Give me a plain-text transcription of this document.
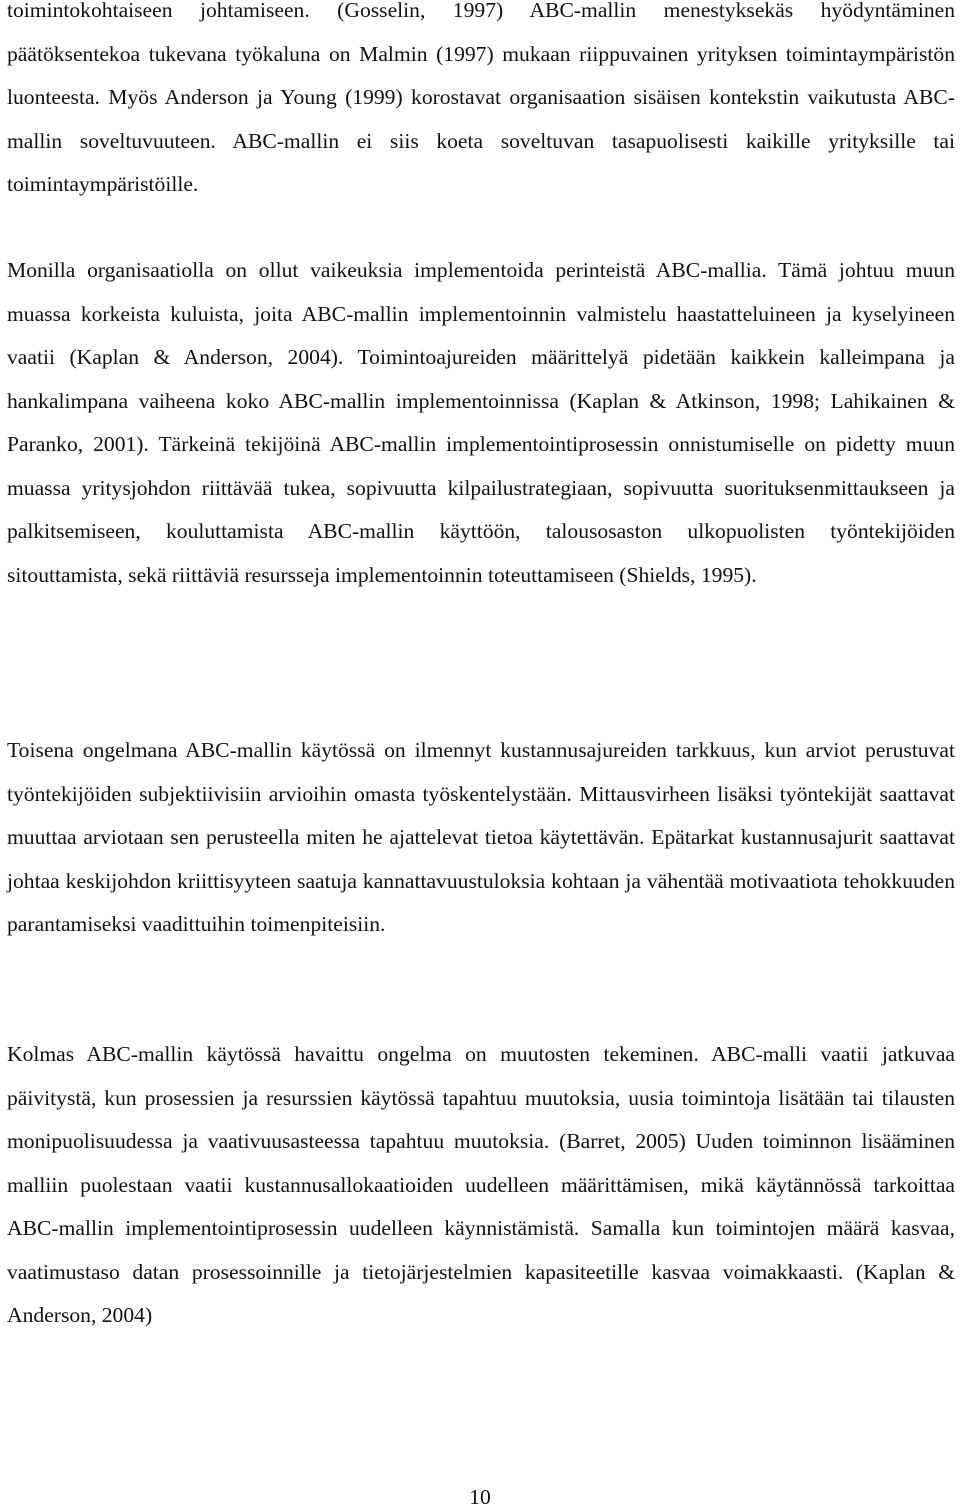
toimintokohtaiseen johtamiseen. (Gosselin, 1997) ABC-mallin menestyksekäs hyödyntäminen päätöksentekoa tukevana työkaluna on Malmin (1997) mukaan riippuvainen yrityksen toimintaympäristön luonteesta. Myös Anderson ja Young (1999) korostavat organisaation sisäisen kontekstin vaikutusta ABC-mallin soveltuvuuteen. ABC-mallin ei siis koeta soveltuvan tasapuolisesti kaikille yrityksille tai toimintaympäristöille.

Monilla organisaatiolla on ollut vaikeuksia implementoida perinteistä ABC-mallia. Tämä johtuu muun muassa korkeista kuluista, joita ABC-mallin implementoinnin valmistelu haastatteluineen ja kyselyineen vaatii (Kaplan & Anderson, 2004). Toimintoajureiden määrittelyä pidetään kaikkein kalleimpana ja hankalimpana vaiheena koko ABC-mallin implementoinnissa (Kaplan & Atkinson, 1998; Lahikainen & Paranko, 2001). Tärkeinä tekijöinä ABC-mallin implementointiprosessin onnistumiselle on pidetty muun muassa yritysjohdon riittävää tukea, sopivuutta kilpailustrategiaan, sopivuutta suorituksenmittaukseen ja palkitsemiseen, kouluttamista ABC-mallin käyttöön, talousosaston ulkopuolisten työntekijöiden sitouttamista, sekä riittäviä resursseja implementoinnin toteuttamiseen (Shields, 1995).

Toisena ongelmana ABC-mallin käytössä on ilmennyt kustannusajureiden tarkkuus, kun arviot perustuvat työntekijöiden subjektiivisiin arvioihin omasta työskentelystään. Mittausvirheen lisäksi työntekijät saattavat muuttaa arviotaan sen perusteella miten he ajattelevat tietoa käytettävän. Epätarkat kustannusajurit saattavat johtaa keskijohdon kriittisyyteen saatuja kannattavuustuloksia kohtaan ja vähentää motivaatiota tehokkuuden parantamiseksi vaadittuihin toimenpiteisiin.

Kolmas ABC-mallin käytössä havaittu ongelma on muutosten tekeminen. ABC-malli vaatii jatkuvaa päivitystä, kun prosessien ja resurssien käytössä tapahtuu muutoksia, uusia toimintoja lisätään tai tilausten monipuolisuudessa ja vaativuusasteessa tapahtuu muutoksia. (Barret, 2005) Uuden toiminnon lisääminen malliin puolestaan vaatii kustannusallokaatioiden uudelleen määrittämisen, mikä käytännössä tarkoittaa ABC-mallin implementointiprosessin uudelleen käynnistämistä. Samalla kun toimintojen määrä kasvaa, vaatimustaso datan prosessoinnille ja tietojärjestelmien kapasiteetille kasvaa voimakkaasti. (Kaplan & Anderson, 2004)

10
